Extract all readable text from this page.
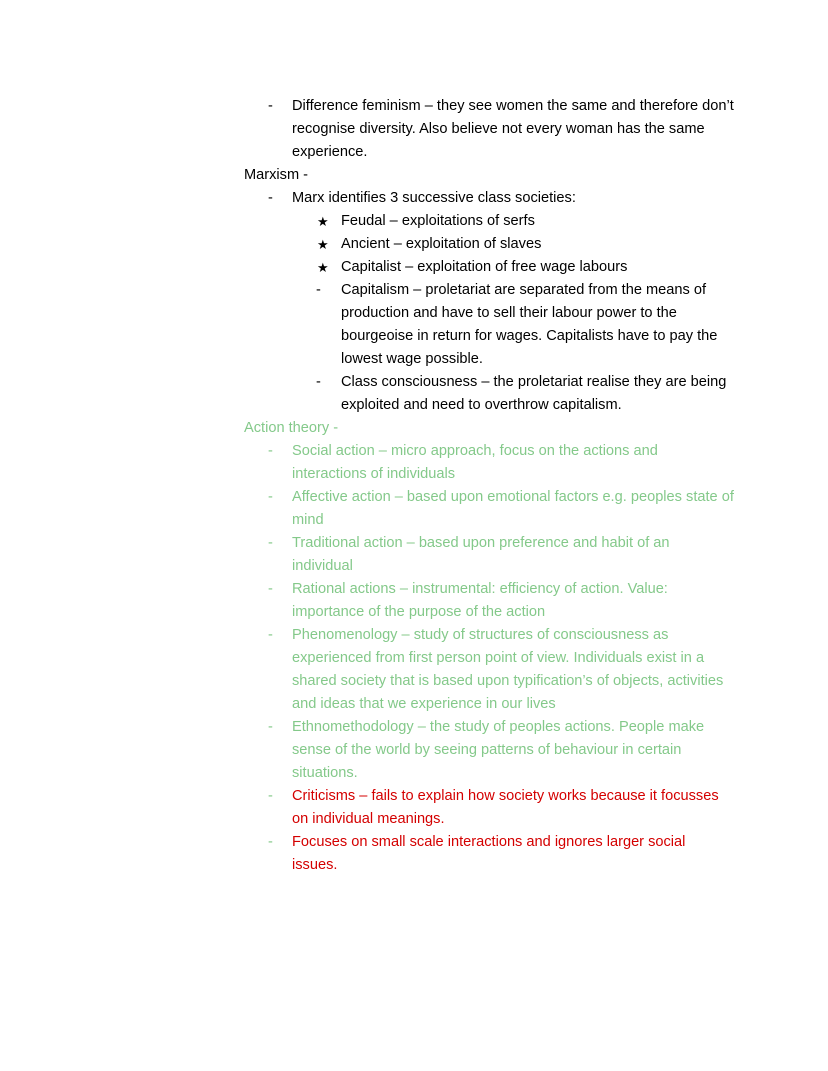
- Difference feminism – they see women the same and therefore don’t recognise diversity. Also believe not every woman has the same experience.
Marxism -
- Marx identifies 3 successive class societies:
★ Feudal – exploitations of serfs
★ Ancient – exploitation of slaves
★ Capitalist – exploitation of free wage labours
- Capitalism – proletariat are separated from the means of production and have to sell their labour power to the bourgeoise in return for wages. Capitalists have to pay the lowest wage possible.
- Class consciousness – the proletariat realise they are being exploited and need to overthrow capitalism.
Action theory -
- Social action – micro approach, focus on the actions and interactions of individuals
- Affective action – based upon emotional factors e.g. peoples state of mind
- Traditional action – based upon preference and habit of an individual
- Rational actions – instrumental: efficiency of action. Value: importance of the purpose of the action
- Phenomenology – study of structures of consciousness as experienced from first person point of view. Individuals exist in a shared society that is based upon typification’s of objects, activities and ideas that we experience in our lives
- Ethnomethodology – the study of peoples actions. People make sense of the world by seeing patterns of behaviour in certain situations.
- Criticisms – fails to explain how society works because it focusses on individual meanings.
- Focuses on small scale interactions and ignores larger social issues.
